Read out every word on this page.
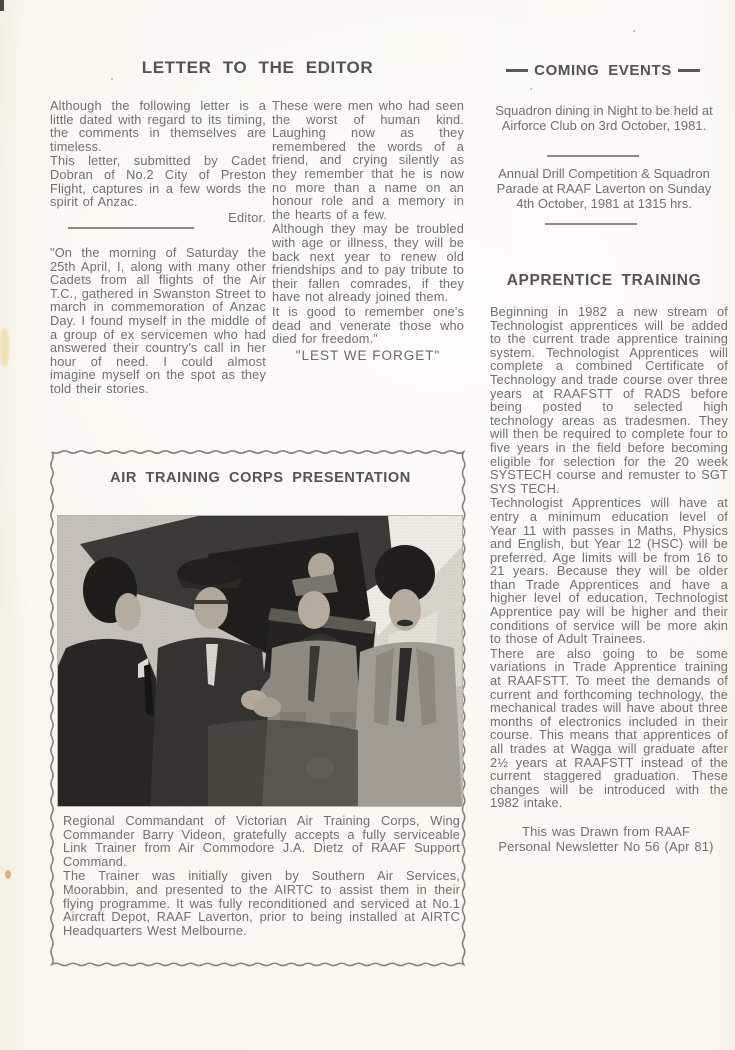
LETTER TO THE EDITOR

Although the following letter is a little dated with regard to its timing, the comments in themselves are timeless.

This letter, submitted by Cadet Dobran of No.2 City of Preston Flight, captures in a few words the spirit of Anzac.

Editor.

"On the morning of Saturday the 25th April, I, along with many other Cadets from all flights of the Air T.C., gathered in Swanston Street to march in commemoration of Anzac Day. I found myself in the middle of a group of ex servicemen who had answered their country's call in her hour of need. I could almost imagine myself on the spot as they told their stories.

These were men who had seen the worst of human kind. Laughing now as they remembered the words of a friend, and crying silently as they remember that he is now no more than a name on an honour role and a memory in the hearts of a few.

Although they may be troubled with age or illness, they will be back next year to renew old friendships and to pay tribute to their fallen comrades, if they have not already joined them.

It is good to remember one's dead and venerate those who died for freedom."

"LEST WE FORGET"
COMING EVENTS
Squadron dining in Night to be held at Airforce Club on 3rd October, 1981.
Annual Drill Competition & Squadron Parade at RAAF Laverton on Sunday 4th October, 1981 at 1315 hrs.
APPRENTICE TRAINING

Beginning in 1982 a new stream of Technologist apprentices will be added to the current trade apprentice training system. Technologist Apprentices will complete a combined Certificate of Technology and trade course over three years at RAAFSTT of RADS before being posted to selected high technology areas as tradesmen. They will then be required to complete four to five years in the field before becoming eligible for selection for the 20 week SYSTECH course and remuster to SGT SYS TECH.

Technologist Apprentices will have at entry a minimum education level of Year 11 with passes in Maths, Physics and English, but Year 12 (HSC) will be preferred. Age limits will be from 16 to 21 years. Because they will be older than Trade Apprentices and have a higher level of education, Technologist Apprentice pay will be higher and their conditions of service will be more akin to those of Adult Trainees.

There are also going to be some variations in Trade Apprentice training at RAAFSTT. To meet the demands of current and forthcoming technology, the mechanical trades will have about three months of electronics included in their course. This means that apprentices of all trades at Wagga will graduate after 2½ years at RAAFSTT instead of the current staggered graduation. These changes will be introduced with the 1982 intake.

This was Drawn from RAAF Personal Newsletter No 56 (Apr 81)
AIR TRAINING CORPS PRESENTATION

Regional Commandant of Victorian Air Training Corps, Wing Commander Barry Videon, gratefully accepts a fully serviceable Link Trainer from Air Commodore J.A. Dietz of RAAF Support Command.

The Trainer was initially given by Southern Air Services, Moorabbin, and presented to the AIRTC to assist them in their flying programme. It was fully reconditioned and serviced at No.1 Aircraft Depot, RAAF Laverton, prior to being installed at AIRTC Headquarters West Melbourne.
